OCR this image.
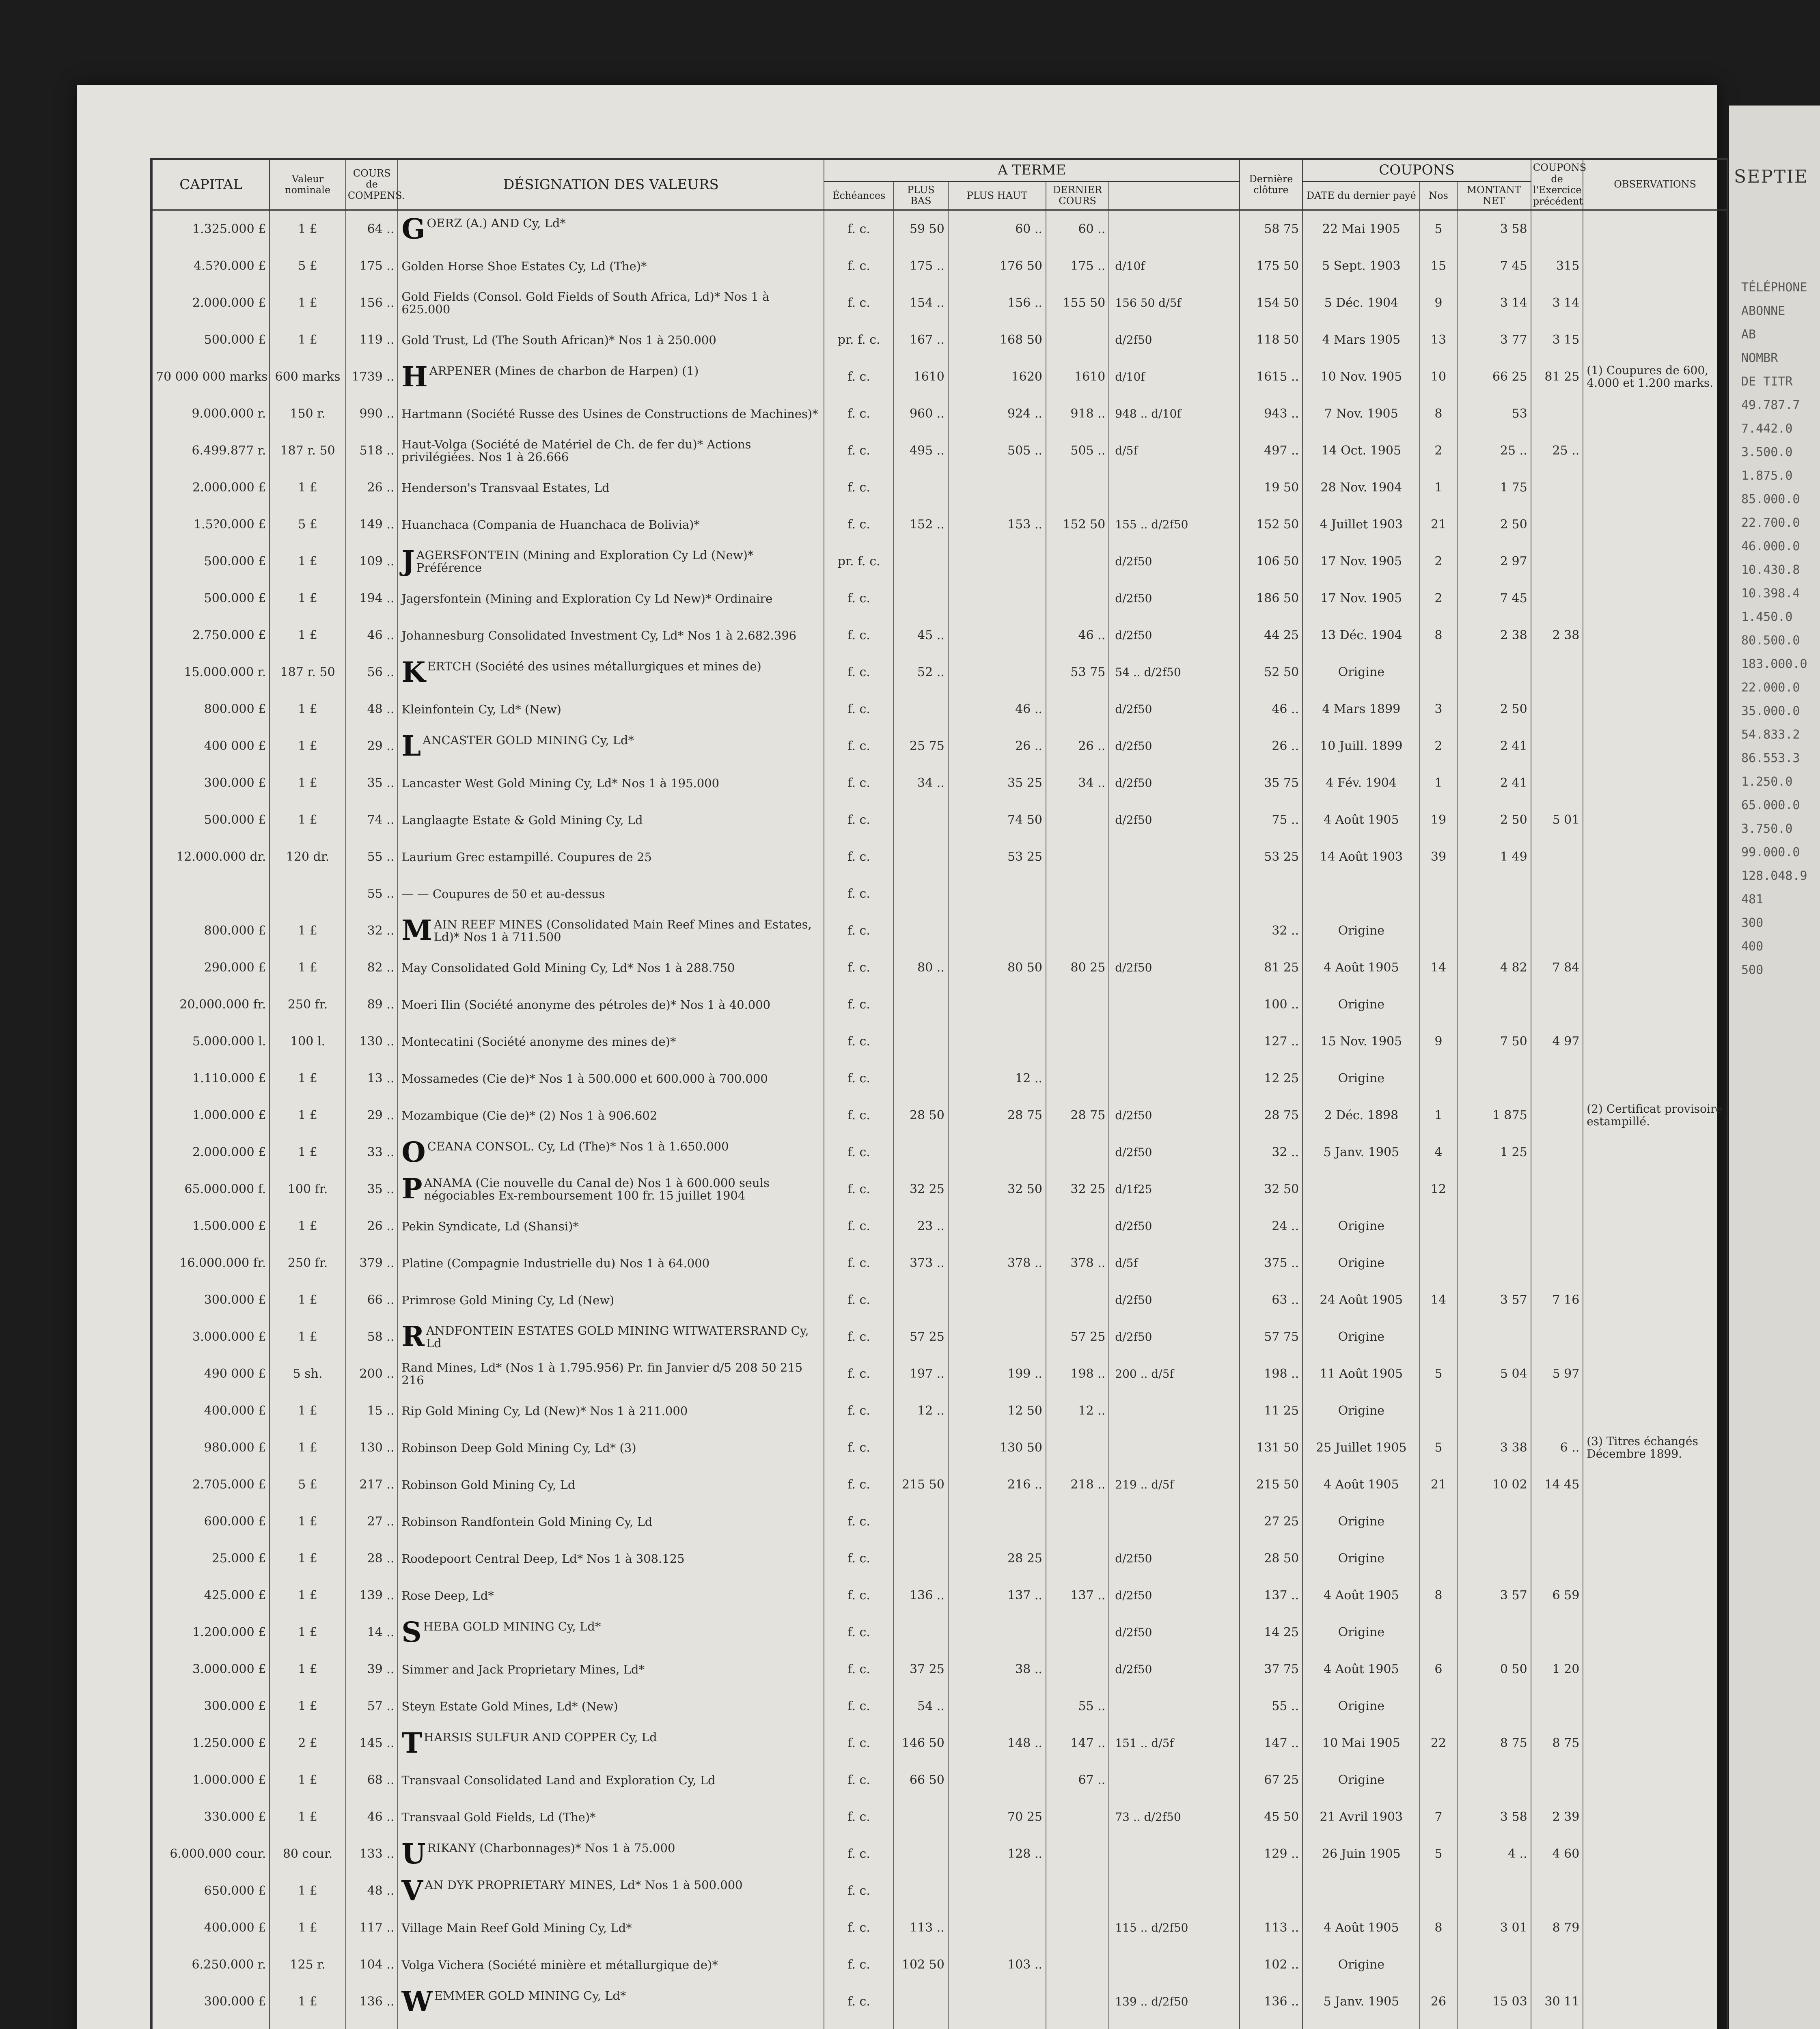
CAPITAL	Valeur nominale	COURS de COMPENS.	DÉSIGNATION DES VALEURS	A TERME					Dernière clôture	COUPONS			COUPONS de l'Exercice précédent	OBSERVATIONS
				Échéances	PLUS BAS	PLUS HAUT	DERNIER COURS			DATE du dernier payé	Nos	MONTANT NET		
1.325.000 £	1 £	64 ..	G OERZ (A.) AND Cy, Ld*	f. c.	59 50	60 ..	60 ..		58 75	22 Mai 1905	5	3 58		
4.5?0.000 £	5 £	175 ..	Golden Horse Shoe Estates Cy, Ld (The)*	f. c.	175 ..	176 50	175 ..	d/10f	175 50	5 Sept. 1903	15	7 45	315	
2.000.000 £	1 £	156 ..	Gold Fields (Consol. Gold Fields of South Africa, Ld)* Nos 1 à 625.000	f. c.	154 ..	156 ..	155 50	156 50 d/5f	154 50	5 Déc. 1904	9	3 14	3 14	
500.000 £	1 £	119 ..	Gold Trust, Ld (The South African)* Nos 1 à 250.000	pr. f. c.	167 ..	168 50		d/2f50	118 50	4 Mars 1905	13	3 77	3 15	
70 000 000 marks	600 marks	1739 ..	H ARPENER (Mines de charbon de Harpen) (1)	f. c.	1610	1620	1610	d/10f	1615 ..	10 Nov. 1905	10	66 25	81 25	(1) Coupures de 600, 4.000 et 1.200 marks.
9.000.000 r.	150 r.	990 ..	Hartmann (Société Russe des Usines de Constructions de Machines)*	f. c.	960 ..	924 ..	918 ..	948 .. d/10f	943 ..	7 Nov. 1905	8	53		
6.499.877 r.	187 r. 50	518 ..	Haut-Volga (Société de Matériel de Ch. de fer du)* Actions privilégiées. Nos 1 à 26.666	f. c.	495 ..	505 ..	505 ..	d/5f	497 ..	14 Oct. 1905	2	25 ..	25 ..	
2.000.000 £	1 £	26 ..	Henderson's Transvaal Estates, Ld	f. c.					19 50	28 Nov. 1904	1	1 75		
1.5?0.000 £	5 £	149 ..	Huanchaca (Compania de Huanchaca de Bolivia)*	f. c.	152 ..	153 ..	152 50	155 .. d/2f50	152 50	4 Juillet 1903	21	2 50		
500.000 £	1 £	109 ..	J AGERSFONTEIN (Mining and Exploration Cy Ld (New)* Préférence	pr. f. c.				d/2f50	106 50	17 Nov. 1905	2	2 97		
500.000 £	1 £	194 ..	Jagersfontein (Mining and Exploration Cy Ld New)* Ordinaire	f. c.				d/2f50	186 50	17 Nov. 1905	2	7 45		
2.750.000 £	1 £	46 ..	Johannesburg Consolidated Investment Cy, Ld* Nos 1 à 2.682.396	f. c.	45 ..		46 ..	d/2f50	44 25	13 Déc. 1904	8	2 38	2 38	
15.000.000 r.	187 r. 50	56 ..	K ERTCH (Société des usines métallurgiques et mines de)	f. c.	52 ..		53 75	54 .. d/2f50	52 50	Origine				
800.000 £	1 £	48 ..	Kleinfontein Cy, Ld* (New)	f. c.		46 ..		d/2f50	46 ..	4 Mars 1899	3	2 50		
400 000 £	1 £	29 ..	L ANCASTER GOLD MINING Cy, Ld*	f. c.	25 75	26 ..	26 ..	d/2f50	26 ..	10 Juill. 1899	2	2 41		
300.000 £	1 £	35 ..	Lancaster West Gold Mining Cy, Ld* Nos 1 à 195.000	f. c.	34 ..	35 25	34 ..	d/2f50	35 75	4 Fév. 1904	1	2 41		
500.000 £	1 £	74 ..	Langlaagte Estate & Gold Mining Cy, Ld	f. c.		74 50		d/2f50	75 ..	4 Août 1905	19	2 50	5 01	
12.000.000 dr.	120 dr.	55 ..	Laurium Grec estampillé. Coupures de 25	f. c.		53 25			53 25	14 Août 1903	39	1 49		
		55 ..	— — Coupures de 50 et au-dessus	f. c.										
800.000 £	1 £	32 ..	M AIN REEF MINES (Consolidated Main Reef Mines and Estates, Ld)* Nos 1 à 711.500	f. c.					32 ..	Origine				
290.000 £	1 £	82 ..	May Consolidated Gold Mining Cy, Ld* Nos 1 à 288.750	f. c.	80 ..	80 50	80 25	d/2f50	81 25	4 Août 1905	14	4 82	7 84	
20.000.000 fr.	250 fr.	89 ..	Moeri Ilin (Société anonyme des pétroles de)* Nos 1 à 40.000	f. c.					100 ..	Origine				
5.000.000 l.	100 l.	130 ..	Montecatini (Société anonyme des mines de)*	f. c.					127 ..	15 Nov. 1905	9	7 50	4 97	
1.110.000 £	1 £	13 ..	Mossamedes (Cie de)* Nos 1 à 500.000 et 600.000 à 700.000	f. c.		12 ..			12 25	Origine				
1.000.000 £	1 £	29 ..	Mozambique (Cie de)* (2) Nos 1 à 906.602	f. c.	28 50	28 75	28 75	d/2f50	28 75	2 Déc. 1898	1	1 875		(2) Certificat provisoire estampillé.
2.000.000 £	1 £	33 ..	O CEANA CONSOL. Cy, Ld (The)* Nos 1 à 1.650.000	f. c.				d/2f50	32 ..	5 Janv. 1905	4	1 25		
65.000.000 f.	100 fr.	35 ..	P ANAMA (Cie nouvelle du Canal de) Nos 1 à 600.000 seuls négociables Ex-remboursement 100 fr. 15 juillet 1904	f. c.	32 25	32 50	32 25	d/1f25	32 50		12			
1.500.000 £	1 £	26 ..	Pekin Syndicate, Ld (Shansi)*	f. c.	23 ..			d/2f50	24 ..	Origine				
16.000.000 fr.	250 fr.	379 ..	Platine (Compagnie Industrielle du) Nos 1 à 64.000	f. c.	373 ..	378 ..	378 ..	d/5f	375 ..	Origine				
300.000 £	1 £	66 ..	Primrose Gold Mining Cy, Ld (New)	f. c.				d/2f50	63 ..	24 Août 1905	14	3 57	7 16	
3.000.000 £	1 £	58 ..	R ANDFONTEIN ESTATES GOLD MINING WITWATERSRAND Cy, Ld	f. c.	57 25		57 25	d/2f50	57 75	Origine				
490 000 £	5 sh.	200 ..	Rand Mines, Ld* (Nos 1 à 1.795.956) Pr. fin Janvier d/5 208 50 215 216	f. c.	197 ..	199 ..	198 ..	200 .. d/5f	198 ..	11 Août 1905	5	5 04	5 97	
400.000 £	1 £	15 ..	Rip Gold Mining Cy, Ld (New)* Nos 1 à 211.000	f. c.	12 ..	12 50	12 ..		11 25	Origine				
980.000 £	1 £	130 ..	Robinson Deep Gold Mining Cy, Ld* (3)	f. c.		130 50			131 50	25 Juillet 1905	5	3 38	6 ..	(3) Titres échangés Décembre 1899.
2.705.000 £	5 £	217 ..	Robinson Gold Mining Cy, Ld	f. c.	215 50	216 ..	218 ..	219 .. d/5f	215 50	4 Août 1905	21	10 02	14 45	
600.000 £	1 £	27 ..	Robinson Randfontein Gold Mining Cy, Ld	f. c.					27 25	Origine				
25.000 £	1 £	28 ..	Roodepoort Central Deep, Ld* Nos 1 à 308.125	f. c.		28 25		d/2f50	28 50	Origine				
425.000 £	1 £	139 ..	Rose Deep, Ld*	f. c.	136 ..	137 ..	137 ..	d/2f50	137 ..	4 Août 1905	8	3 57	6 59	
1.200.000 £	1 £	14 ..	S HEBA GOLD MINING Cy, Ld*	f. c.				d/2f50	14 25	Origine				
3.000.000 £	1 £	39 ..	Simmer and Jack Proprietary Mines, Ld*	f. c.	37 25	38 ..		d/2f50	37 75	4 Août 1905	6	0 50	1 20	
300.000 £	1 £	57 ..	Steyn Estate Gold Mines, Ld* (New)	f. c.	54 ..		55 ..		55 ..	Origine				
1.250.000 £	2 £	145 ..	T HARSIS SULFUR AND COPPER Cy, Ld	f. c.	146 50	148 ..	147 ..	151 .. d/5f	147 ..	10 Mai 1905	22	8 75	8 75	
1.000.000 £	1 £	68 ..	Transvaal Consolidated Land and Exploration Cy, Ld	f. c.	66 50		67 ..		67 25	Origine				
330.000 £	1 £	46 ..	Transvaal Gold Fields, Ld (The)*	f. c.		70 25		73 .. d/2f50	45 50	21 Avril 1903	7	3 58	2 39	
6.000.000 cour.	80 cour.	133 ..	U RIKANY (Charbonnages)* Nos 1 à 75.000	f. c.		128 ..			129 ..	26 Juin 1905	5	4 ..	4 60	
650.000 £	1 £	48 ..	V AN DYK PROPRIETARY MINES, Ld* Nos 1 à 500.000	f. c.										
400.000 £	1 £	117 ..	Village Main Reef Gold Mining Cy, Ld*	f. c.	113 ..			115 .. d/2f50	113 ..	4 Août 1905	8	3 01	8 79	
6.250.000 r.	125 r.	104 ..	Volga Vichera (Société minière et métallurgique de)*	f. c.	102 50	103 ..			102 ..	Origine				
300.000 £	1 £	136 ..	W EMMER GOLD MINING Cy, Ld*	f. c.				139 .. d/2f50	136 ..	5 Janv. 1905	26	15 03	30 11	

SEPTIE
TÉLÉPHONE
ABONNE
AB
NOMBR
DE TITR
49.787.7
7.442.0
3.500.0
1.875.0
85.000.0
22.700.0
46.000.0
10.430.8
10.398.4
1.450.0
80.500.0
183.000.0
22.000.0
35.000.0
54.833.2
86.553.3
1.250.0
65.000.0
3.750.0
99.000.0
128.048.9
481
300
400
500
